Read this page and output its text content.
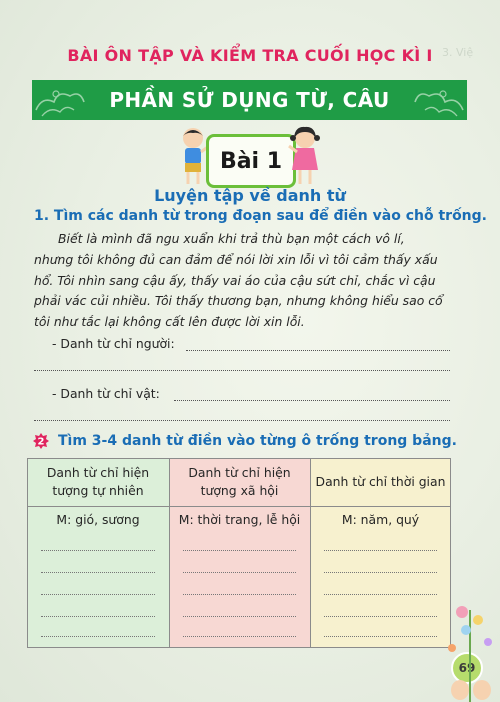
3. Việ
BÀI ÔN TẬP VÀ KIỂM TRA CUỐI HỌC KÌ I
PHẦN SỬ DỤNG TỪ, CÂU
Bài 1
Luyện tập về danh từ
1. Tìm các danh từ trong đoạn sau để điền vào chỗ trống.
Biết là mình đã ngu xuẩn khi trả thù bạn một cách vô lí, nhưng tôi không đủ can đảm để nói lời xin lỗi vì tôi cảm thấy xấu hổ. Tôi nhìn sang cậu ấy, thấy vai áo của cậu sứt chỉ, chắc vì cậu phải vác củi nhiều. Tôi thấy thương bạn, nhưng không hiểu sao cổ tôi như tắc lại không cất lên được lời xin lỗi.
- Danh từ chỉ người:
- Danh từ chỉ vật:
2 Tìm 3-4 danh từ điền vào từng ô trống trong bảng.
Danh từ chỉ hiện tượng tự nhiên
M: gió, sương
Danh từ chỉ hiện tượng xã hội
M: thời trang, lễ hội
Danh từ chỉ thời gian
M: năm, quý
69
